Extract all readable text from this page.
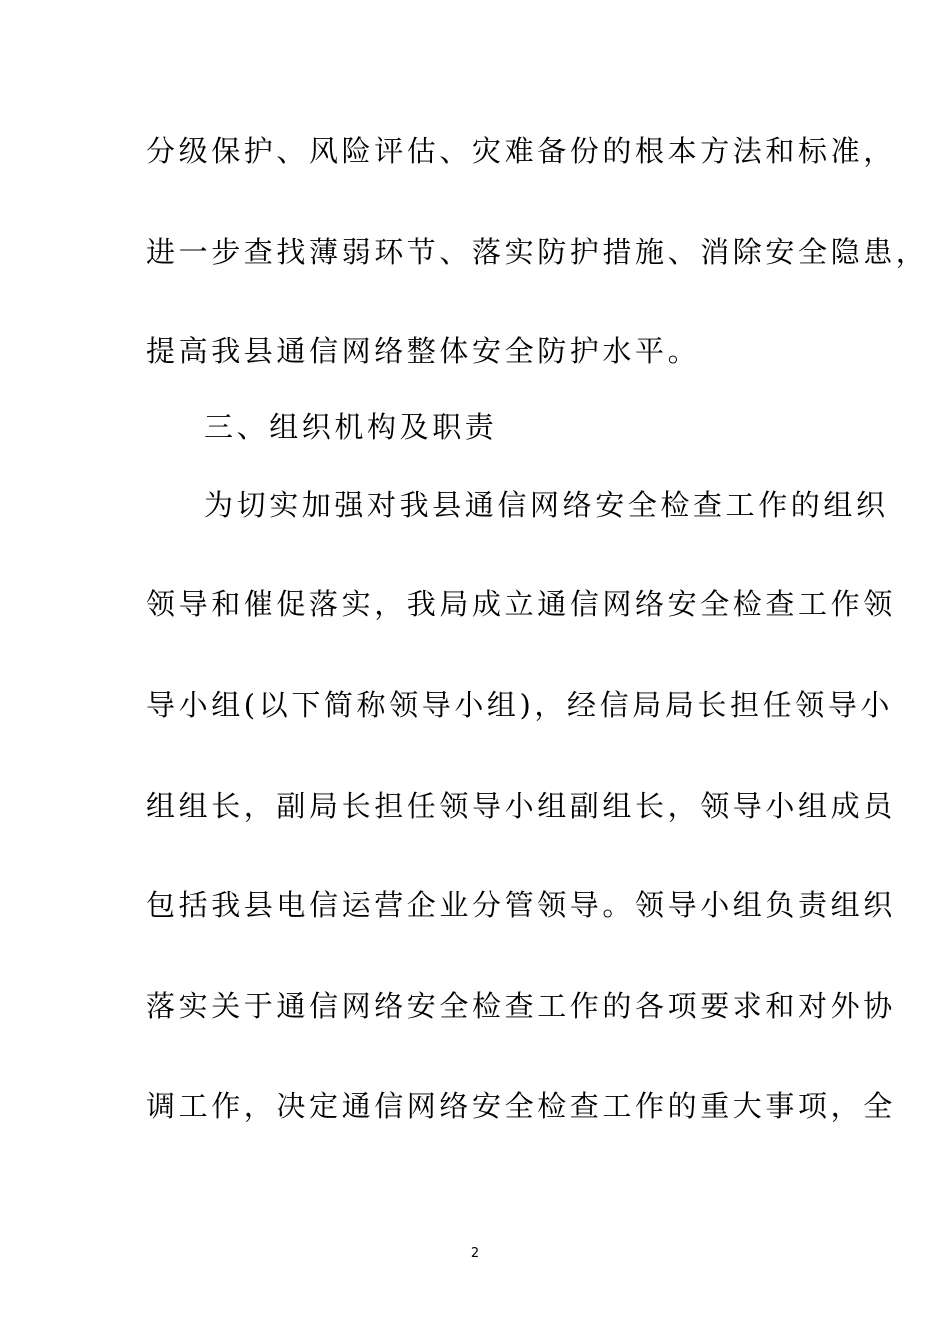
分级保护、风险评估、灾难备份的根本方法和标准，
进一步查找薄弱环节、落实防护措施、消除安全隐患，
提高我县通信网络整体安全防护水平。
三、组织机构及职责
为切实加强对我县通信网络安全检查工作的组织
领导和催促落实，我局成立通信网络安全检查工作领
导小组(以下简称领导小组)，经信局局长担任领导小
组组长，副局长担任领导小组副组长，领导小组成员
包括我县电信运营企业分管领导。领导小组负责组织
落实关于通信网络安全检查工作的各项要求和对外协
调工作，决定通信网络安全检查工作的重大事项，全
2
